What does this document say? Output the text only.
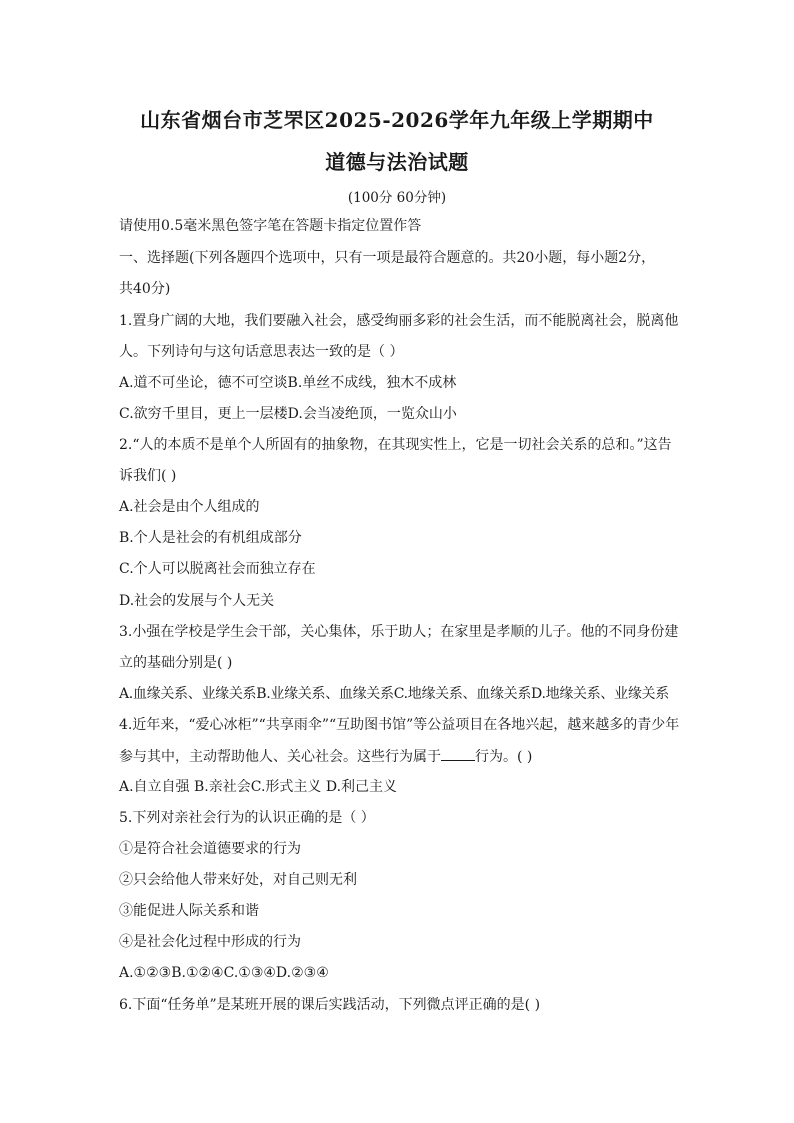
山东省烟台市芝罘区2025-2026学年九年级上学期期中
道德与法治试题
(100分 60分钟)
请使用0.5毫米黑色签字笔在答题卡指定位置作答
一、选择题(下列各题四个选项中，只有一项是最符合题意的。共20小题，每小题2分，
共40分)
1.置身广阔的大地，我们要融入社会，感受绚丽多彩的社会生活，而不能脱离社会，脱离他
人。下列诗句与这句话意思表达一致的是（ ）
A.道不可坐论，德不可空谈B.单丝不成线，独木不成林
C.欲穷千里目，更上一层楼D.会当凌绝顶，一览众山小
2.“人的本质不是单个人所固有的抽象物，在其现实性上，它是一切社会关系的总和。”这告
诉我们( )
A.社会是由个人组成的
B.个人是社会的有机组成部分
C.个人可以脱离社会而独立存在
D.社会的发展与个人无关
3.小强在学校是学生会干部，关心集体，乐于助人；在家里是孝顺的儿子。他的不同身份建
立的基础分别是( )
A.血缘关系、业缘关系B.业缘关系、血缘关系C.地缘关系、血缘关系D.地缘关系、业缘关系
4.近年来，“爱心冰柜”“共享雨伞”“互助图书馆”等公益项目在各地兴起，越来越多的青少年
参与其中，主动帮助他人、关心社会。这些行为属于 行为。( )
A.自立自强 B.亲社会C.形式主义 D.利己主义
5.下列对亲社会行为的认识正确的是（ ）
①是符合社会道德要求的行为
②只会给他人带来好处，对自己则无利
③能促进人际关系和谐
④是社会化过程中形成的行为
A.①②③B.①②④C.①③④D.②③④
6.下面“任务单”是某班开展的课后实践活动，下列微点评正确的是( )
